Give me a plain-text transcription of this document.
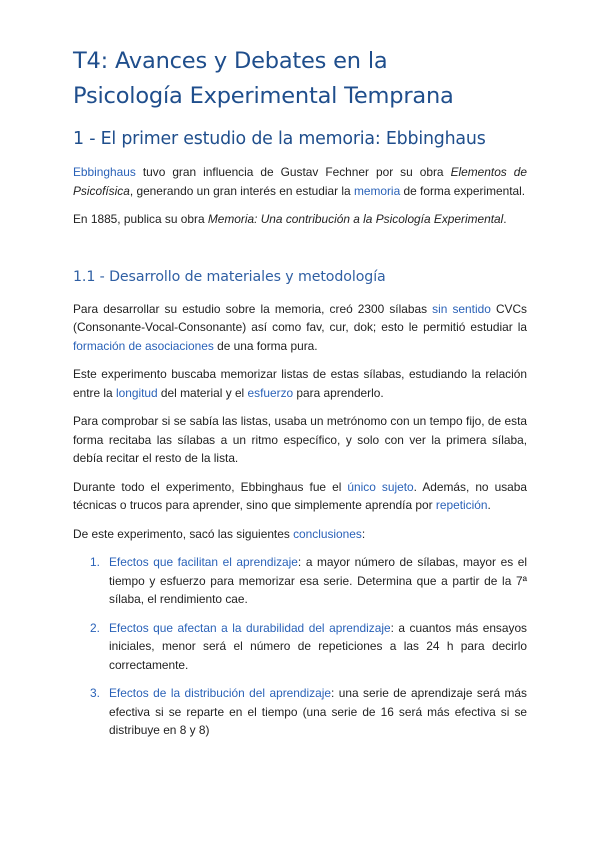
T4: Avances y Debates en la
Psicología Experimental Temprana
1 - El primer estudio de la memoria: Ebbinghaus

Ebbinghaus tuvo gran influencia de Gustav Fechner por su obra Elementos de Psicofísica, generando un gran interés en estudiar la memoria de forma experimental.

En 1885, publica su obra Memoria: Una contribución a la Psicología Experimental.

1.1 - Desarrollo de materiales y metodología

Para desarrollar su estudio sobre la memoria, creó 2300 sílabas sin sentido CVCs (Consonante-Vocal-Consonante) así como fav, cur, dok; esto le permitió estudiar la formación de asociaciones de una forma pura.

Este experimento buscaba memorizar listas de estas sílabas, estudiando la relación entre la longitud del material y el esfuerzo para aprenderlo.

Para comprobar si se sabía las listas, usaba un metrónomo con un tempo fijo, de esta forma recitaba las sílabas a un ritmo específico, y solo con ver la primera sílaba, debía recitar el resto de la lista.

Durante todo el experimento, Ebbinghaus fue el único sujeto. Además, no usaba técnicas o trucos para aprender, sino que simplemente aprendía por repetición.

De este experimento, sacó las siguientes conclusiones:

1. Efectos que facilitan el aprendizaje: a mayor número de sílabas, mayor es el tiempo y esfuerzo para memorizar esa serie. Determina que a partir de la 7ª sílaba, el rendimiento cae.
2. Efectos que afectan a la durabilidad del aprendizaje: a cuantos más ensayos iniciales, menor será el número de repeticiones a las 24 h para decirlo correctamente.
3. Efectos de la distribución del aprendizaje: una serie de aprendizaje será más efectiva si se reparte en el tiempo (una serie de 16 será más efectiva si se distribuye en 8 y 8)
